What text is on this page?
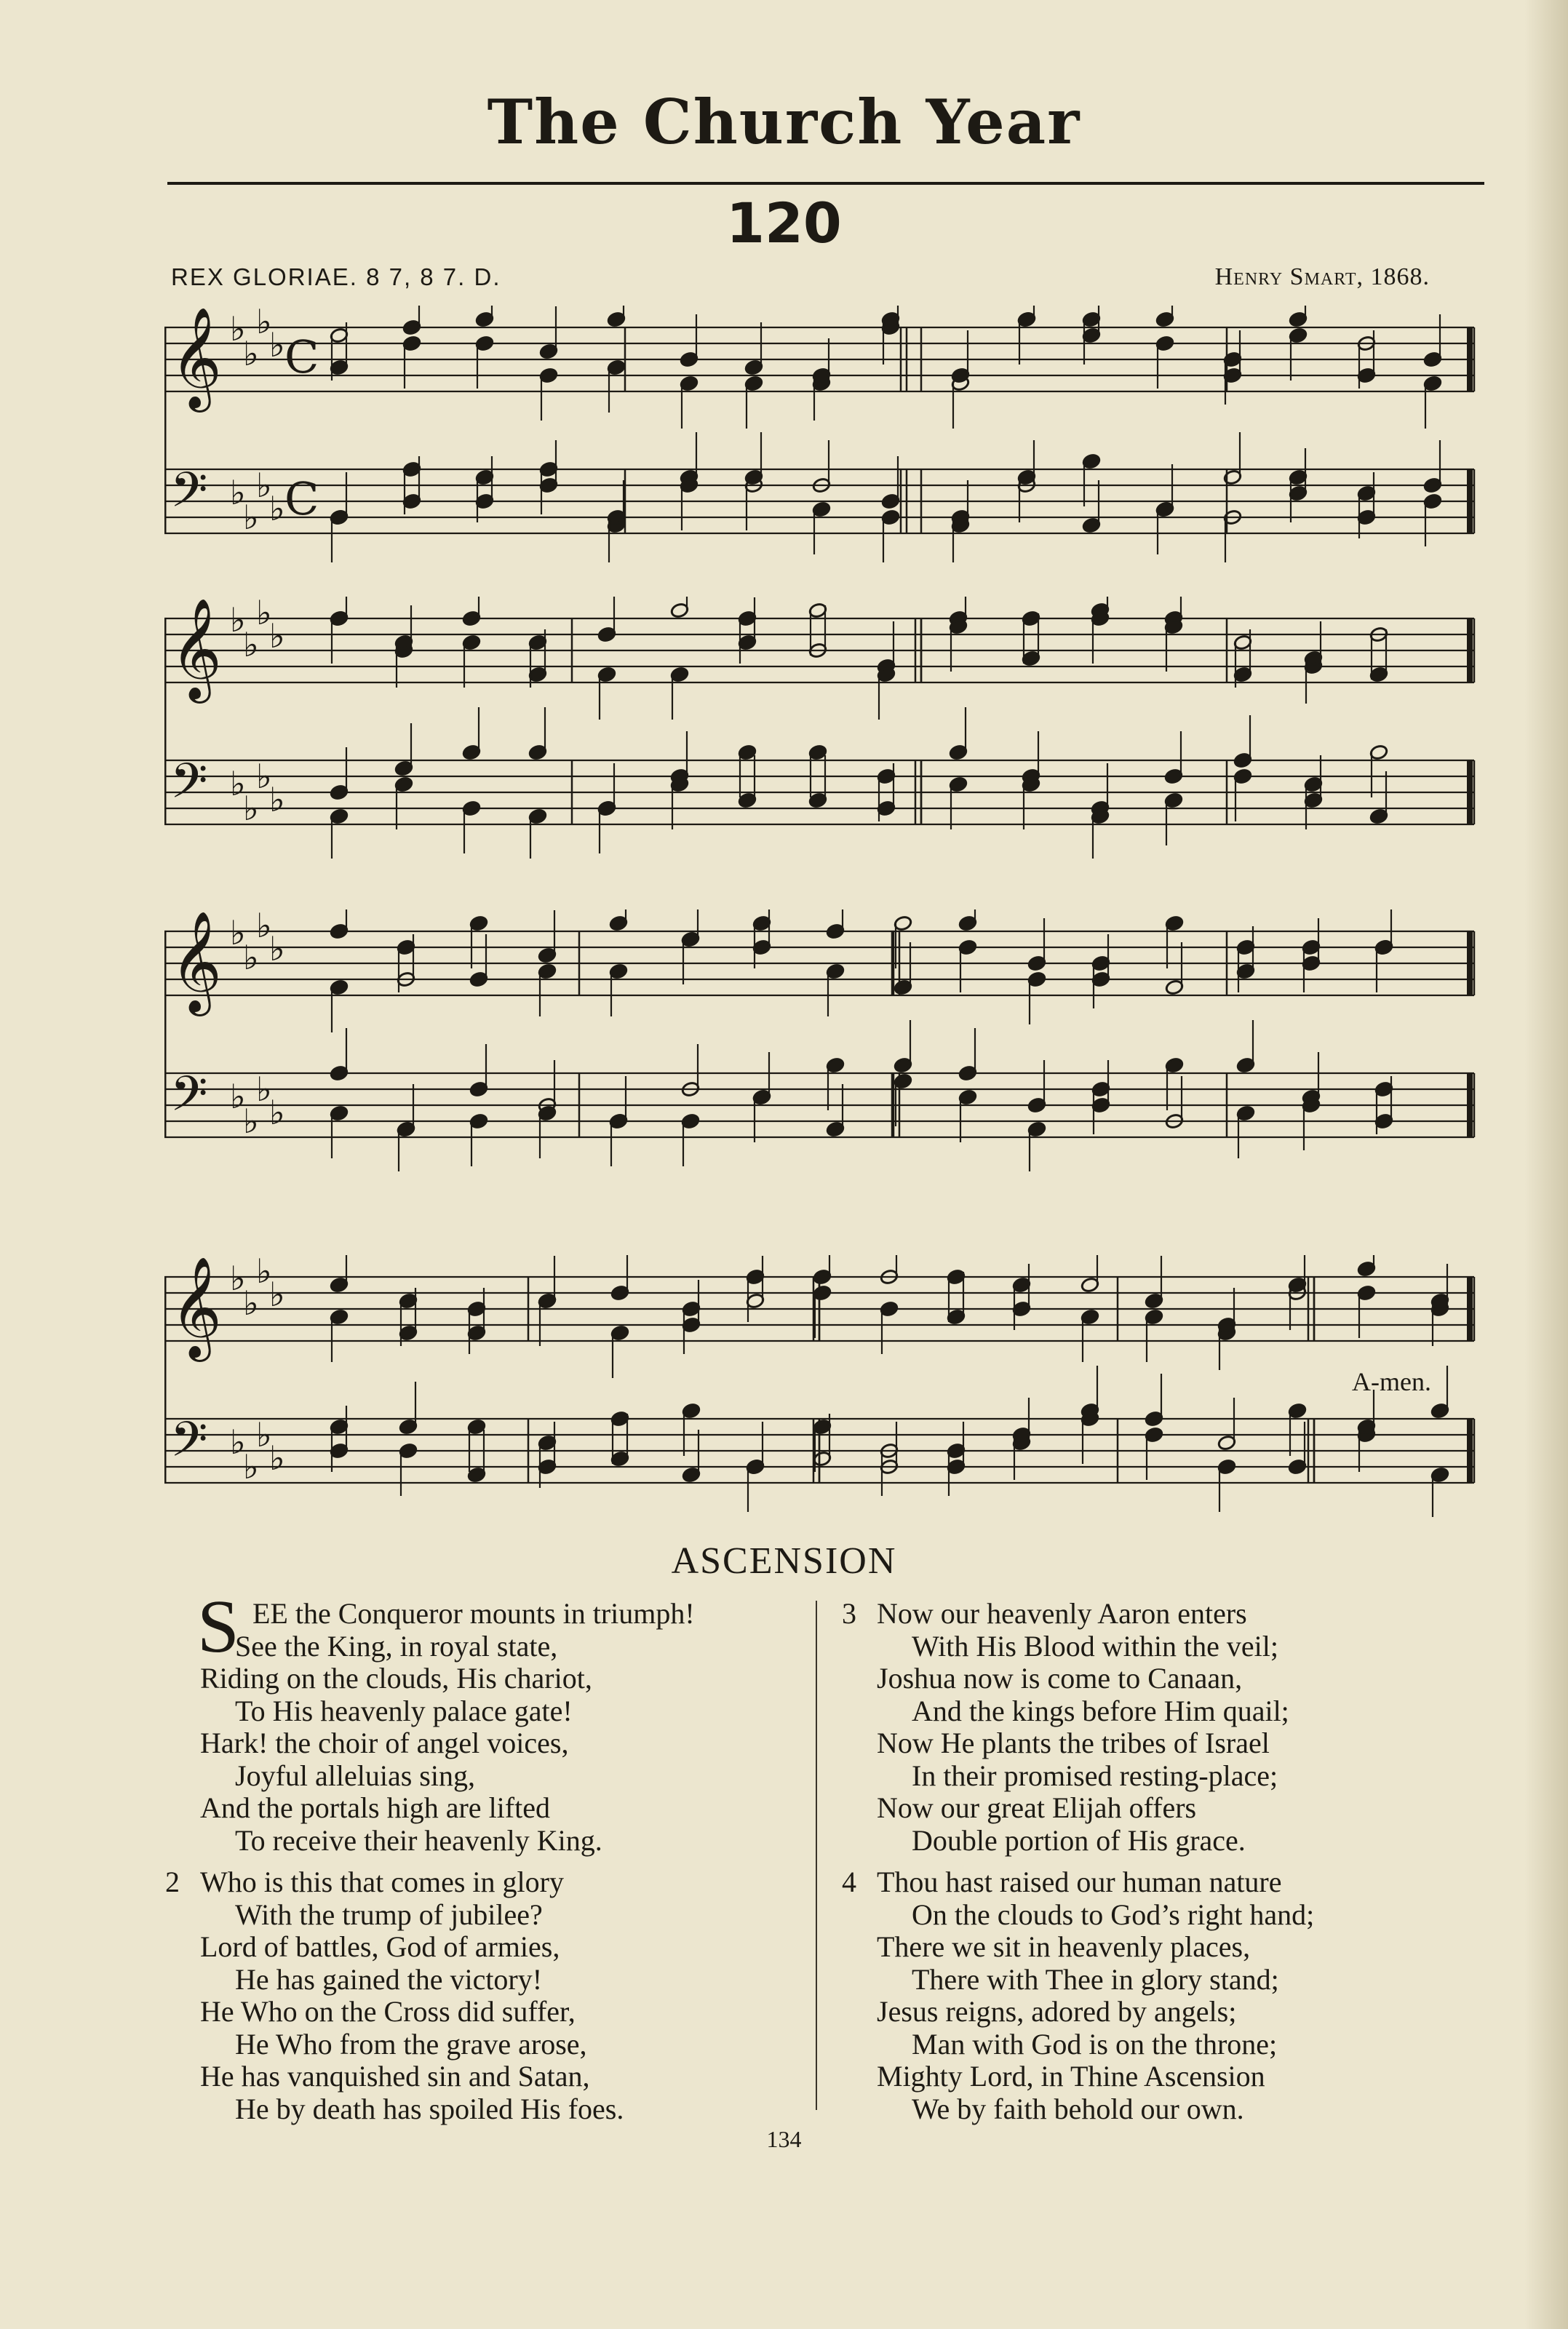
The Church Year
120
REX GLORIAE. 8 7, 8 7. D.	Henry Smart, 1868.
𝄞 ♭
♭
♭
♭ C
𝄢 ♭
♭
♭
♭ C
𝄞 ♭
♭
♭
♭
𝄢 ♭
♭
♭
♭
𝄞 ♭
♭
♭
♭
𝄢 ♭
♭
♭
♭
𝄞 ♭
♭
♭
♭
𝄢 ♭
♭
♭
♭
A-men.
ASCENSION
S EE the Conqueror mounts in triumph!
See the King, in royal state,
Riding on the clouds, His chariot,
To His heavenly palace gate!
Hark! the choir of angel voices,
Joyful alleluias sing,
And the portals high are lifted
To receive their heavenly King.
2 Who is this that comes in glory
With the trump of jubilee?
Lord of battles, God of armies,
He has gained the victory!
He Who on the Cross did suffer,
He Who from the grave arose,
He has vanquished sin and Satan,
He by death has spoiled His foes.
3 Now our heavenly Aaron enters
With His Blood within the veil;
Joshua now is come to Canaan,
And the kings before Him quail;
Now He plants the tribes of Israel
In their promised resting-place;
Now our great Elijah offers
Double portion of His grace.
4 Thou hast raised our human nature
On the clouds to God’s right hand;
There we sit in heavenly places,
There with Thee in glory stand;
Jesus reigns, adored by angels;
Man with God is on the throne;
Mighty Lord, in Thine Ascension
We by faith behold our own.
134
